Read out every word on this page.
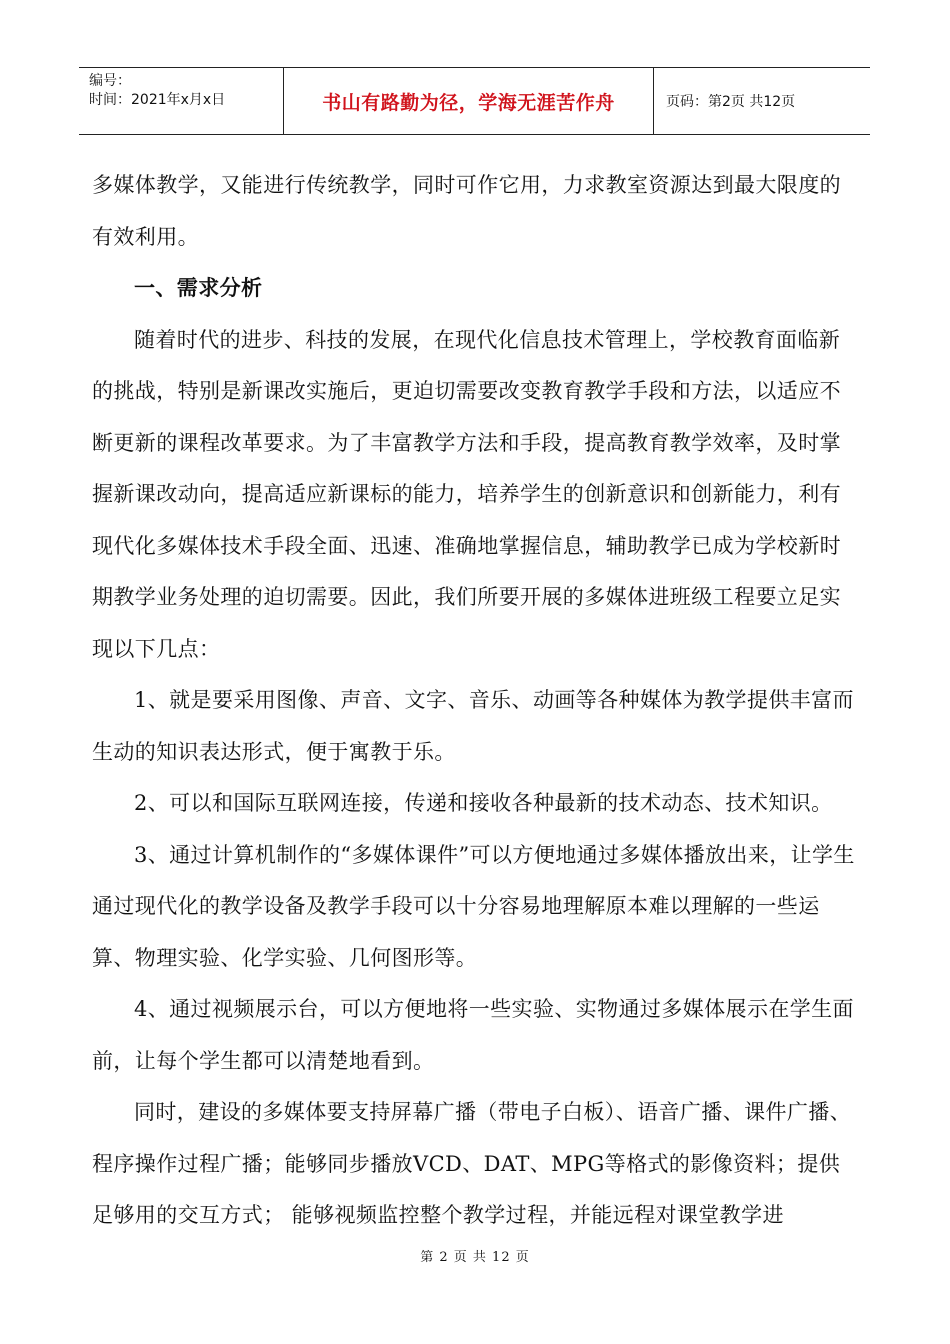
编号：
时间：2021年x月x日	书山有路勤为径，学海无涯苦作舟	页码：第2页 共12页

多媒体教学，又能进行传统教学，同时可作它用，力求教室资源达到最大限度的有效利用。

一、需求分析

随着时代的进步、科技的发展，在现代化信息技术管理上，学校教育面临新的挑战，特别是新课改实施后，更迫切需要改变教育教学手段和方法，以适应不断更新的课程改革要求。为了丰富教学方法和手段，提高教育教学效率，及时掌握新课改动向，提高适应新课标的能力，培养学生的创新意识和创新能力，利有现代化多媒体技术手段全面、迅速、准确地掌握信息，辅助教学已成为学校新时期教学业务处理的迫切需要。因此，我们所要开展的多媒体进班级工程要立足实现以下几点：

1、就是要采用图像、声音、文字、音乐、动画等各种媒体为教学提供丰富而生动的知识表达形式，便于寓教于乐。

2、可以和国际互联网连接，传递和接收各种最新的技术动态、技术知识。

3、通过计算机制作的“多媒体课件”可以方便地通过多媒体播放出来，让学生通过现代化的教学设备及教学手段可以十分容易地理解原本难以理解的一些运算、物理实验、化学实验、几何图形等。

4、通过视频展示台，可以方便地将一些实验、实物通过多媒体展示在学生面前，让每个学生都可以清楚地看到。

同时，建设的多媒体要支持屏幕广播（带电子白板）、语音广播、课件广播、程序操作过程广播；能够同步播放VCD、DAT、MPG等格式的影像资料；提供足够用的交互方式； 能够视频监控整个教学过程，并能远程对课堂教学进

第 2 页 共 12 页
